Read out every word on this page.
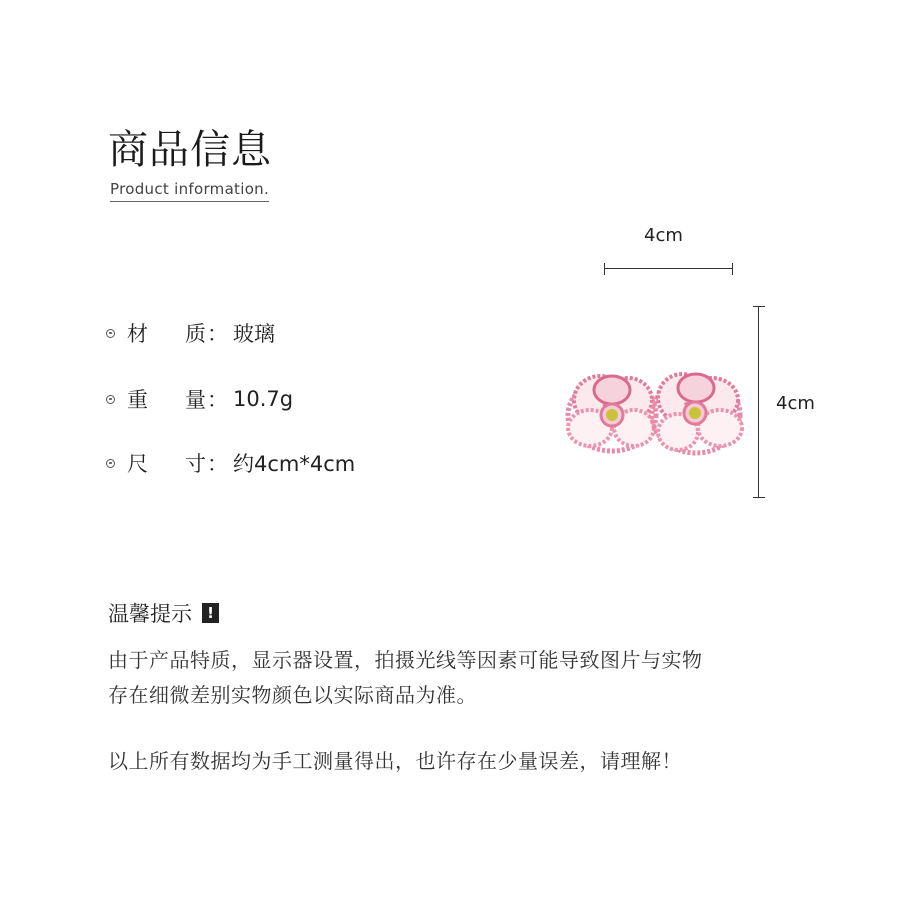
商品信息
Product information.
材	质 ： 玻璃
重	量 ： 10.7g
尺	寸 ： 约4cm*4cm
4cm
4cm
温馨提示	!
由于产品特质，显示器设置，拍摄光线等因素可能导致图片与实物
存在细微差别实物颜色以实际商品为准。
以上所有数据均为手工测量得出，也许存在少量误差，请理解！
